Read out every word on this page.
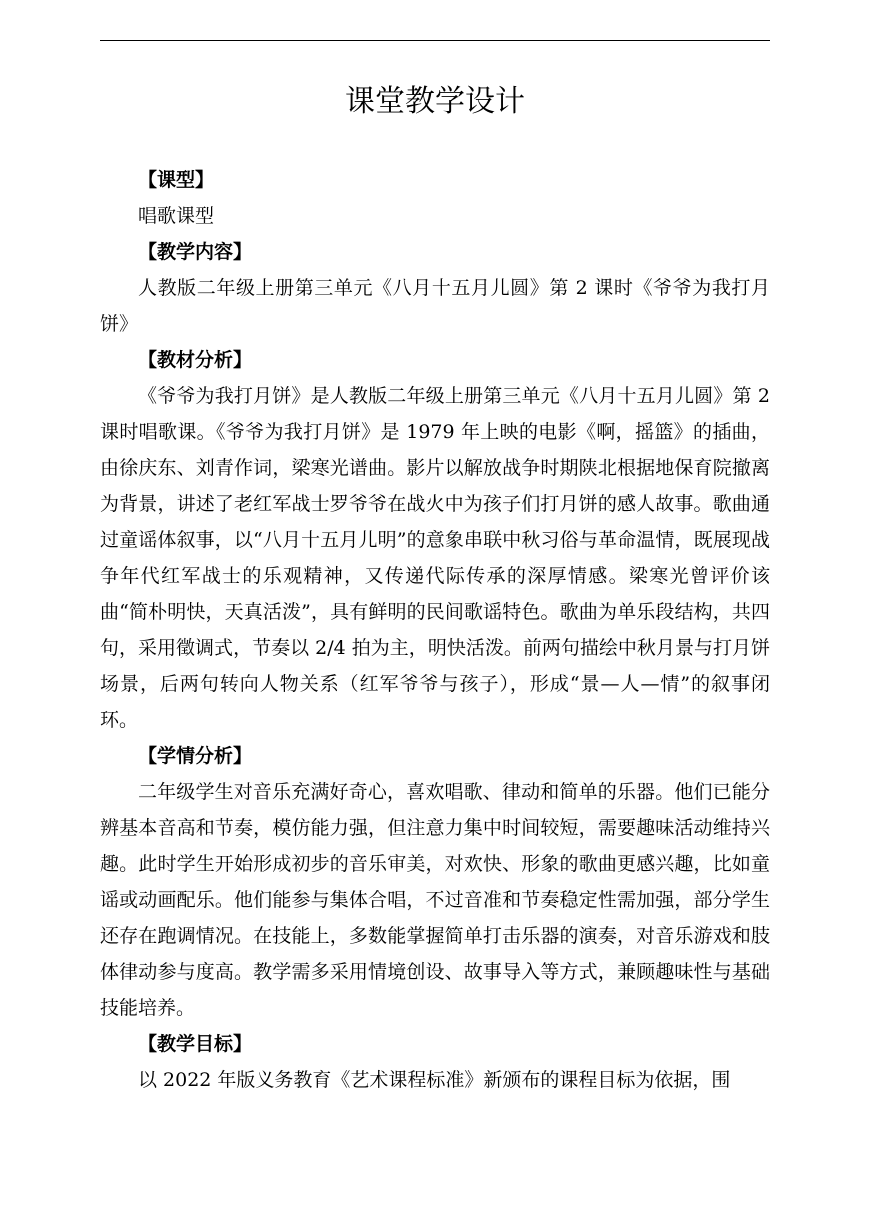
课堂教学设计
【课型】

唱歌课型

【教学内容】

人教版二年级上册第三单元《八月十五月儿圆》第 2 课时《爷爷为我打月饼》

【教材分析】

《爷爷为我打月饼》是人教版二年级上册第三单元《八月十五月儿圆》第 2 课时唱歌课。《爷爷为我打月饼》是 1979 年上映的电影《啊，摇篮》的插曲，由徐庆东、刘青作词，梁寒光谱曲。影片以解放战争时期陕北根据地保育院撤离为背景，讲述了老红军战士罗爷爷在战火中为孩子们打月饼的感人故事。歌曲通过童谣体叙事，以“八月十五月儿明”的意象串联中秋习俗与革命温情，既展现战争年代红军战士的乐观精神，又传递代际传承的深厚情感。梁寒光曾评价该曲“简朴明快，天真活泼”，具有鲜明的民间歌谣特色。歌曲为单乐段结构，共四句，采用徵调式，节奏以 2/4 拍为主，明快活泼。前两句描绘中秋月景与打月饼场景，后两句转向人物关系（红军爷爷与孩子），形成“景—人—情”的叙事闭环。

【学情分析】

二年级学生对音乐充满好奇心，喜欢唱歌、律动和简单的乐器。他们已能分辨基本音高和节奏，模仿能力强，但注意力集中时间较短，需要趣味活动维持兴趣。此时学生开始形成初步的音乐审美，对欢快、形象的歌曲更感兴趣，比如童谣或动画配乐。他们能参与集体合唱，不过音准和节奏稳定性需加强，部分学生还存在跑调情况。在技能上，多数能掌握简单打击乐器的演奏，对音乐游戏和肢体律动参与度高。教学需多采用情境创设、故事导入等方式，兼顾趣味性与基础技能培养。

【教学目标】

以 2022 年版义务教育《艺术课程标准》新颁布的课程目标为依据，围
